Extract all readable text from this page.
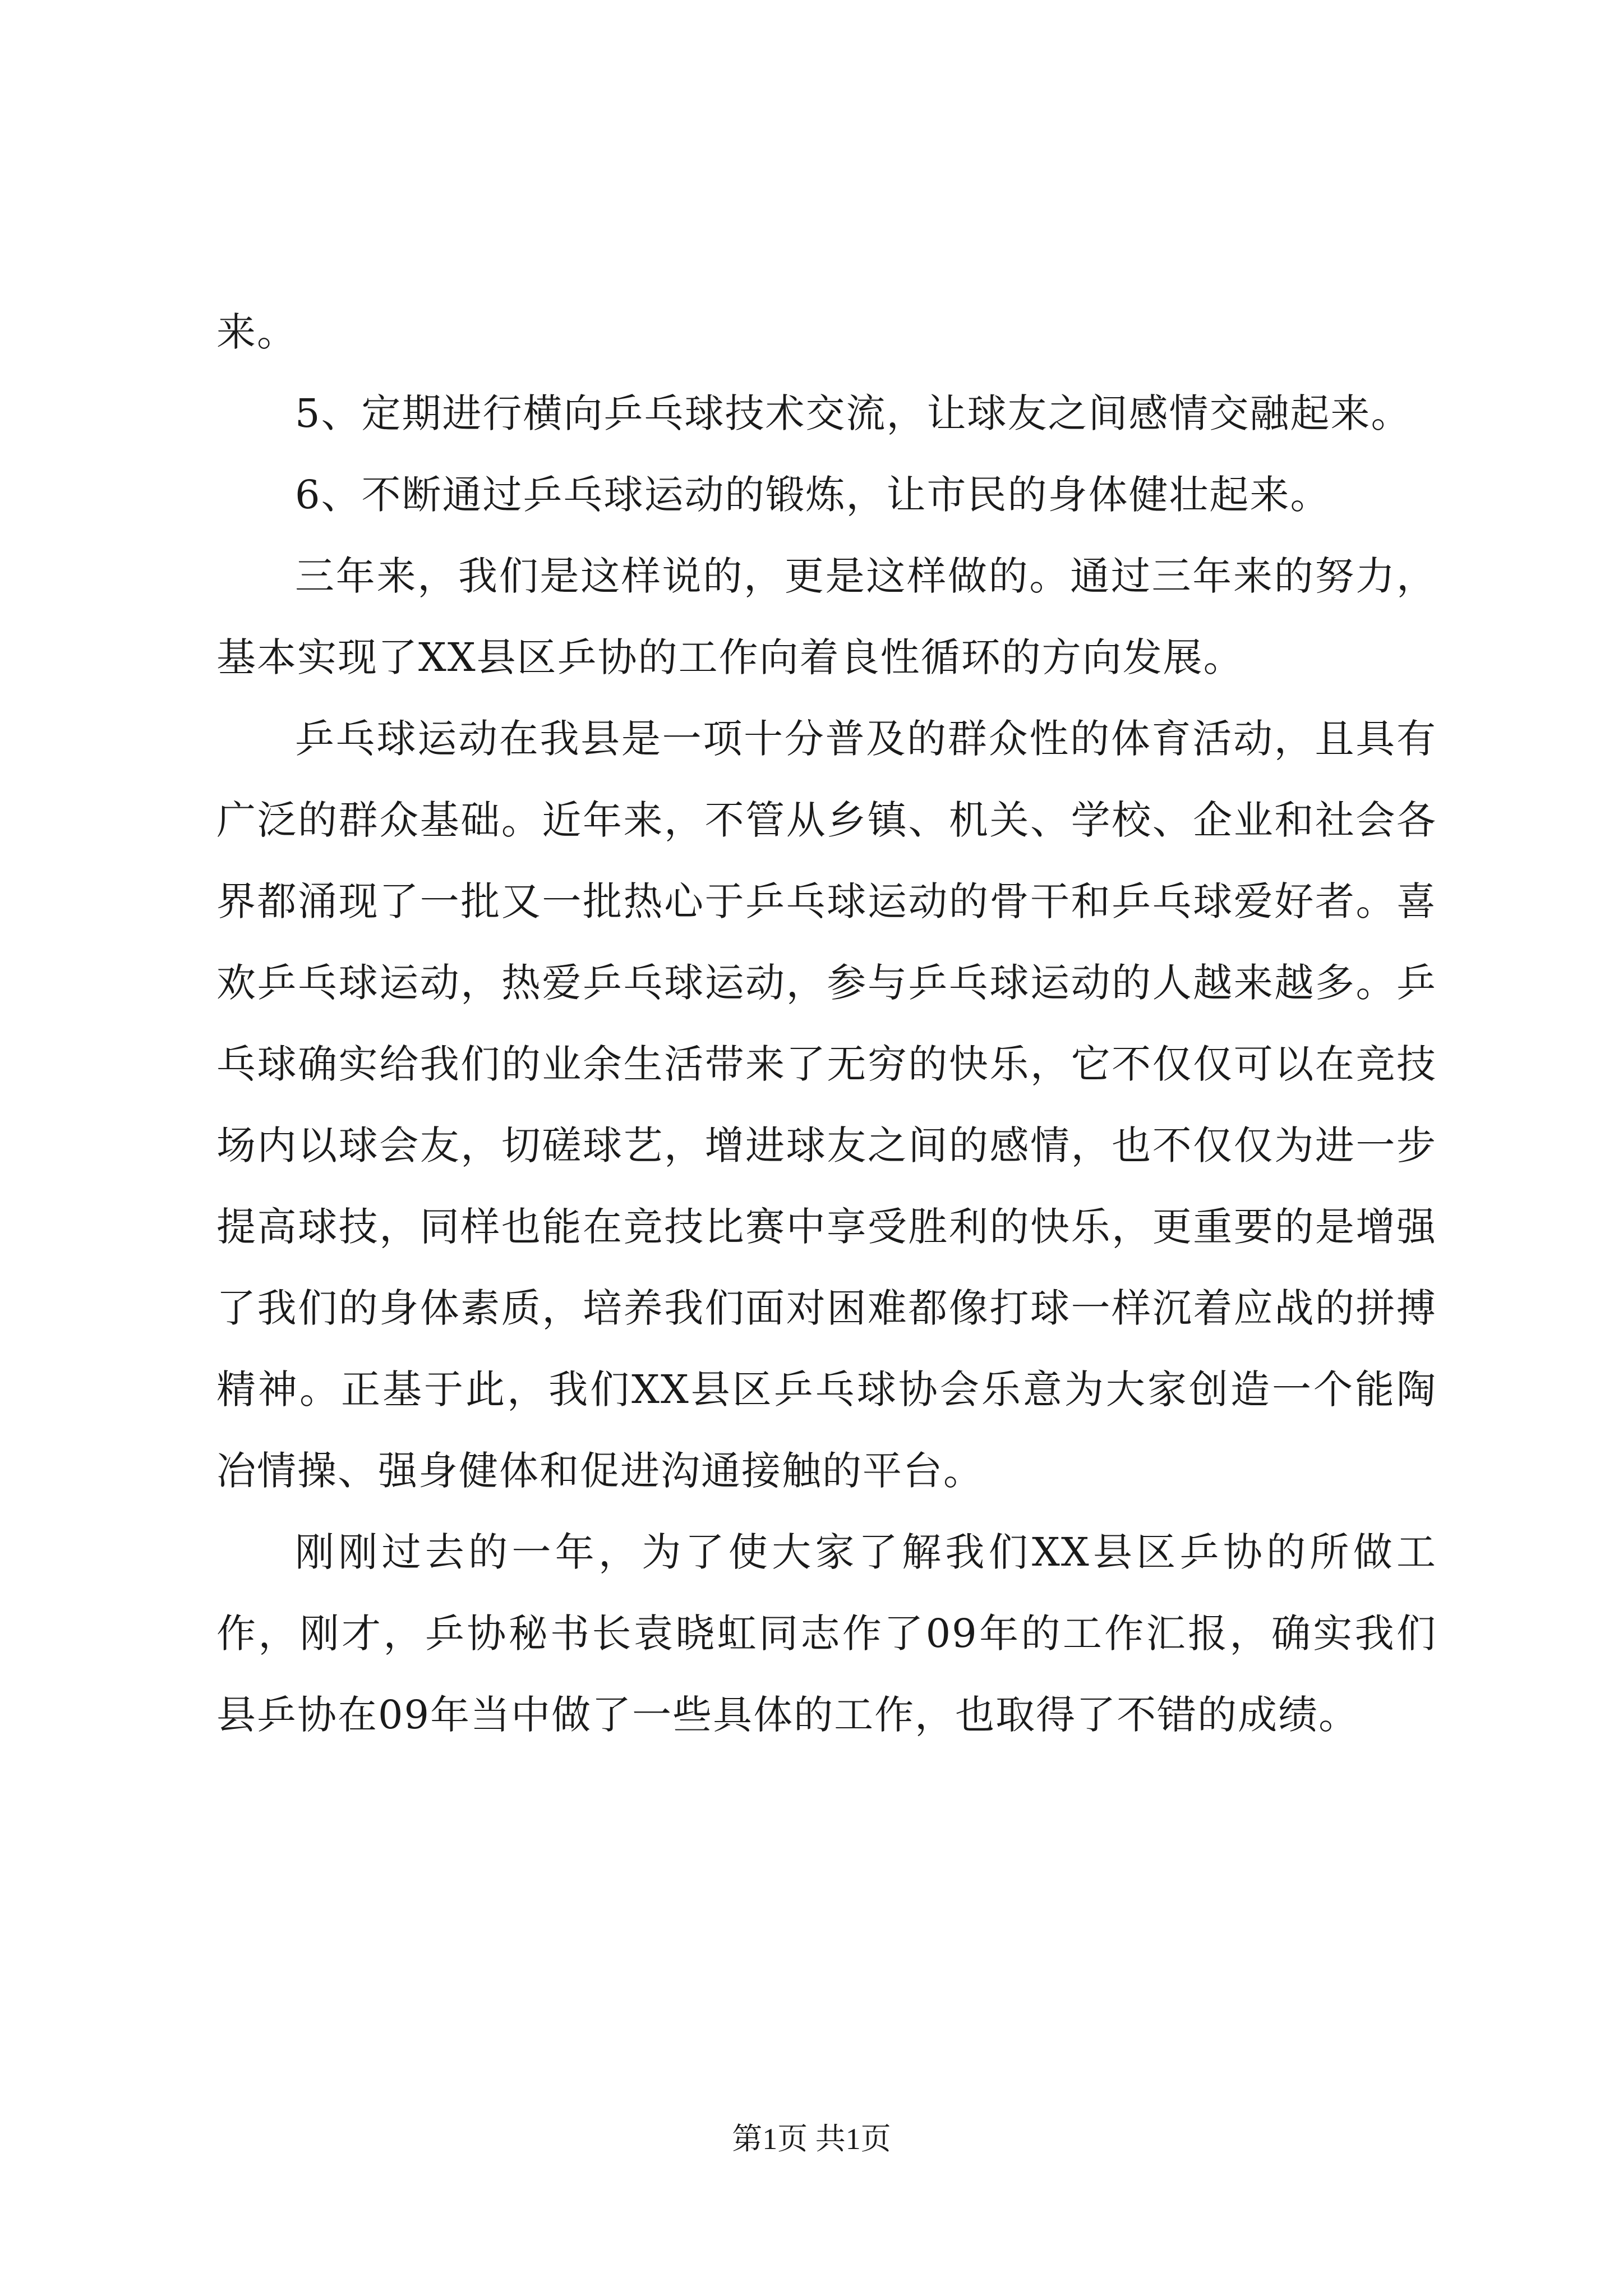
来。

5、定期进行横向乒乓球技术交流，让球友之间感情交融起来。

6、不断通过乒乓球运动的锻炼，让市民的身体健壮起来。

三年来，我们是这样说的，更是这样做的。通过三年来的努力，基本实现了XX县区乒协的工作向着良性循环的方向发展。

乒乓球运动在我县是一项十分普及的群众性的体育活动，且具有广泛的群众基础。近年来，不管从乡镇、机关、学校、企业和社会各界都涌现了一批又一批热心于乒乓球运动的骨干和乒乓球爱好者。喜欢乒乓球运动，热爱乒乓球运动，参与乒乓球运动的人越来越多。乒乓球确实给我们的业余生活带来了无穷的快乐，它不仅仅可以在竞技场内以球会友，切磋球艺，增进球友之间的感情，也不仅仅为进一步提高球技，同样也能在竞技比赛中享受胜利的快乐，更重要的是增强了我们的身体素质，培养我们面对困难都像打球一样沉着应战的拼搏精神。正基于此，我们XX县区乒乓球协会乐意为大家创造一个能陶冶情操、强身健体和促进沟通接触的平台。

刚刚过去的一年，为了使大家了解我们XX县区乒协的所做工作，刚才，乒协秘书长袁晓虹同志作了09年的工作汇报，确实我们县乒协在09年当中做了一些具体的工作，也取得了不错的成绩。

第1页 共1页
